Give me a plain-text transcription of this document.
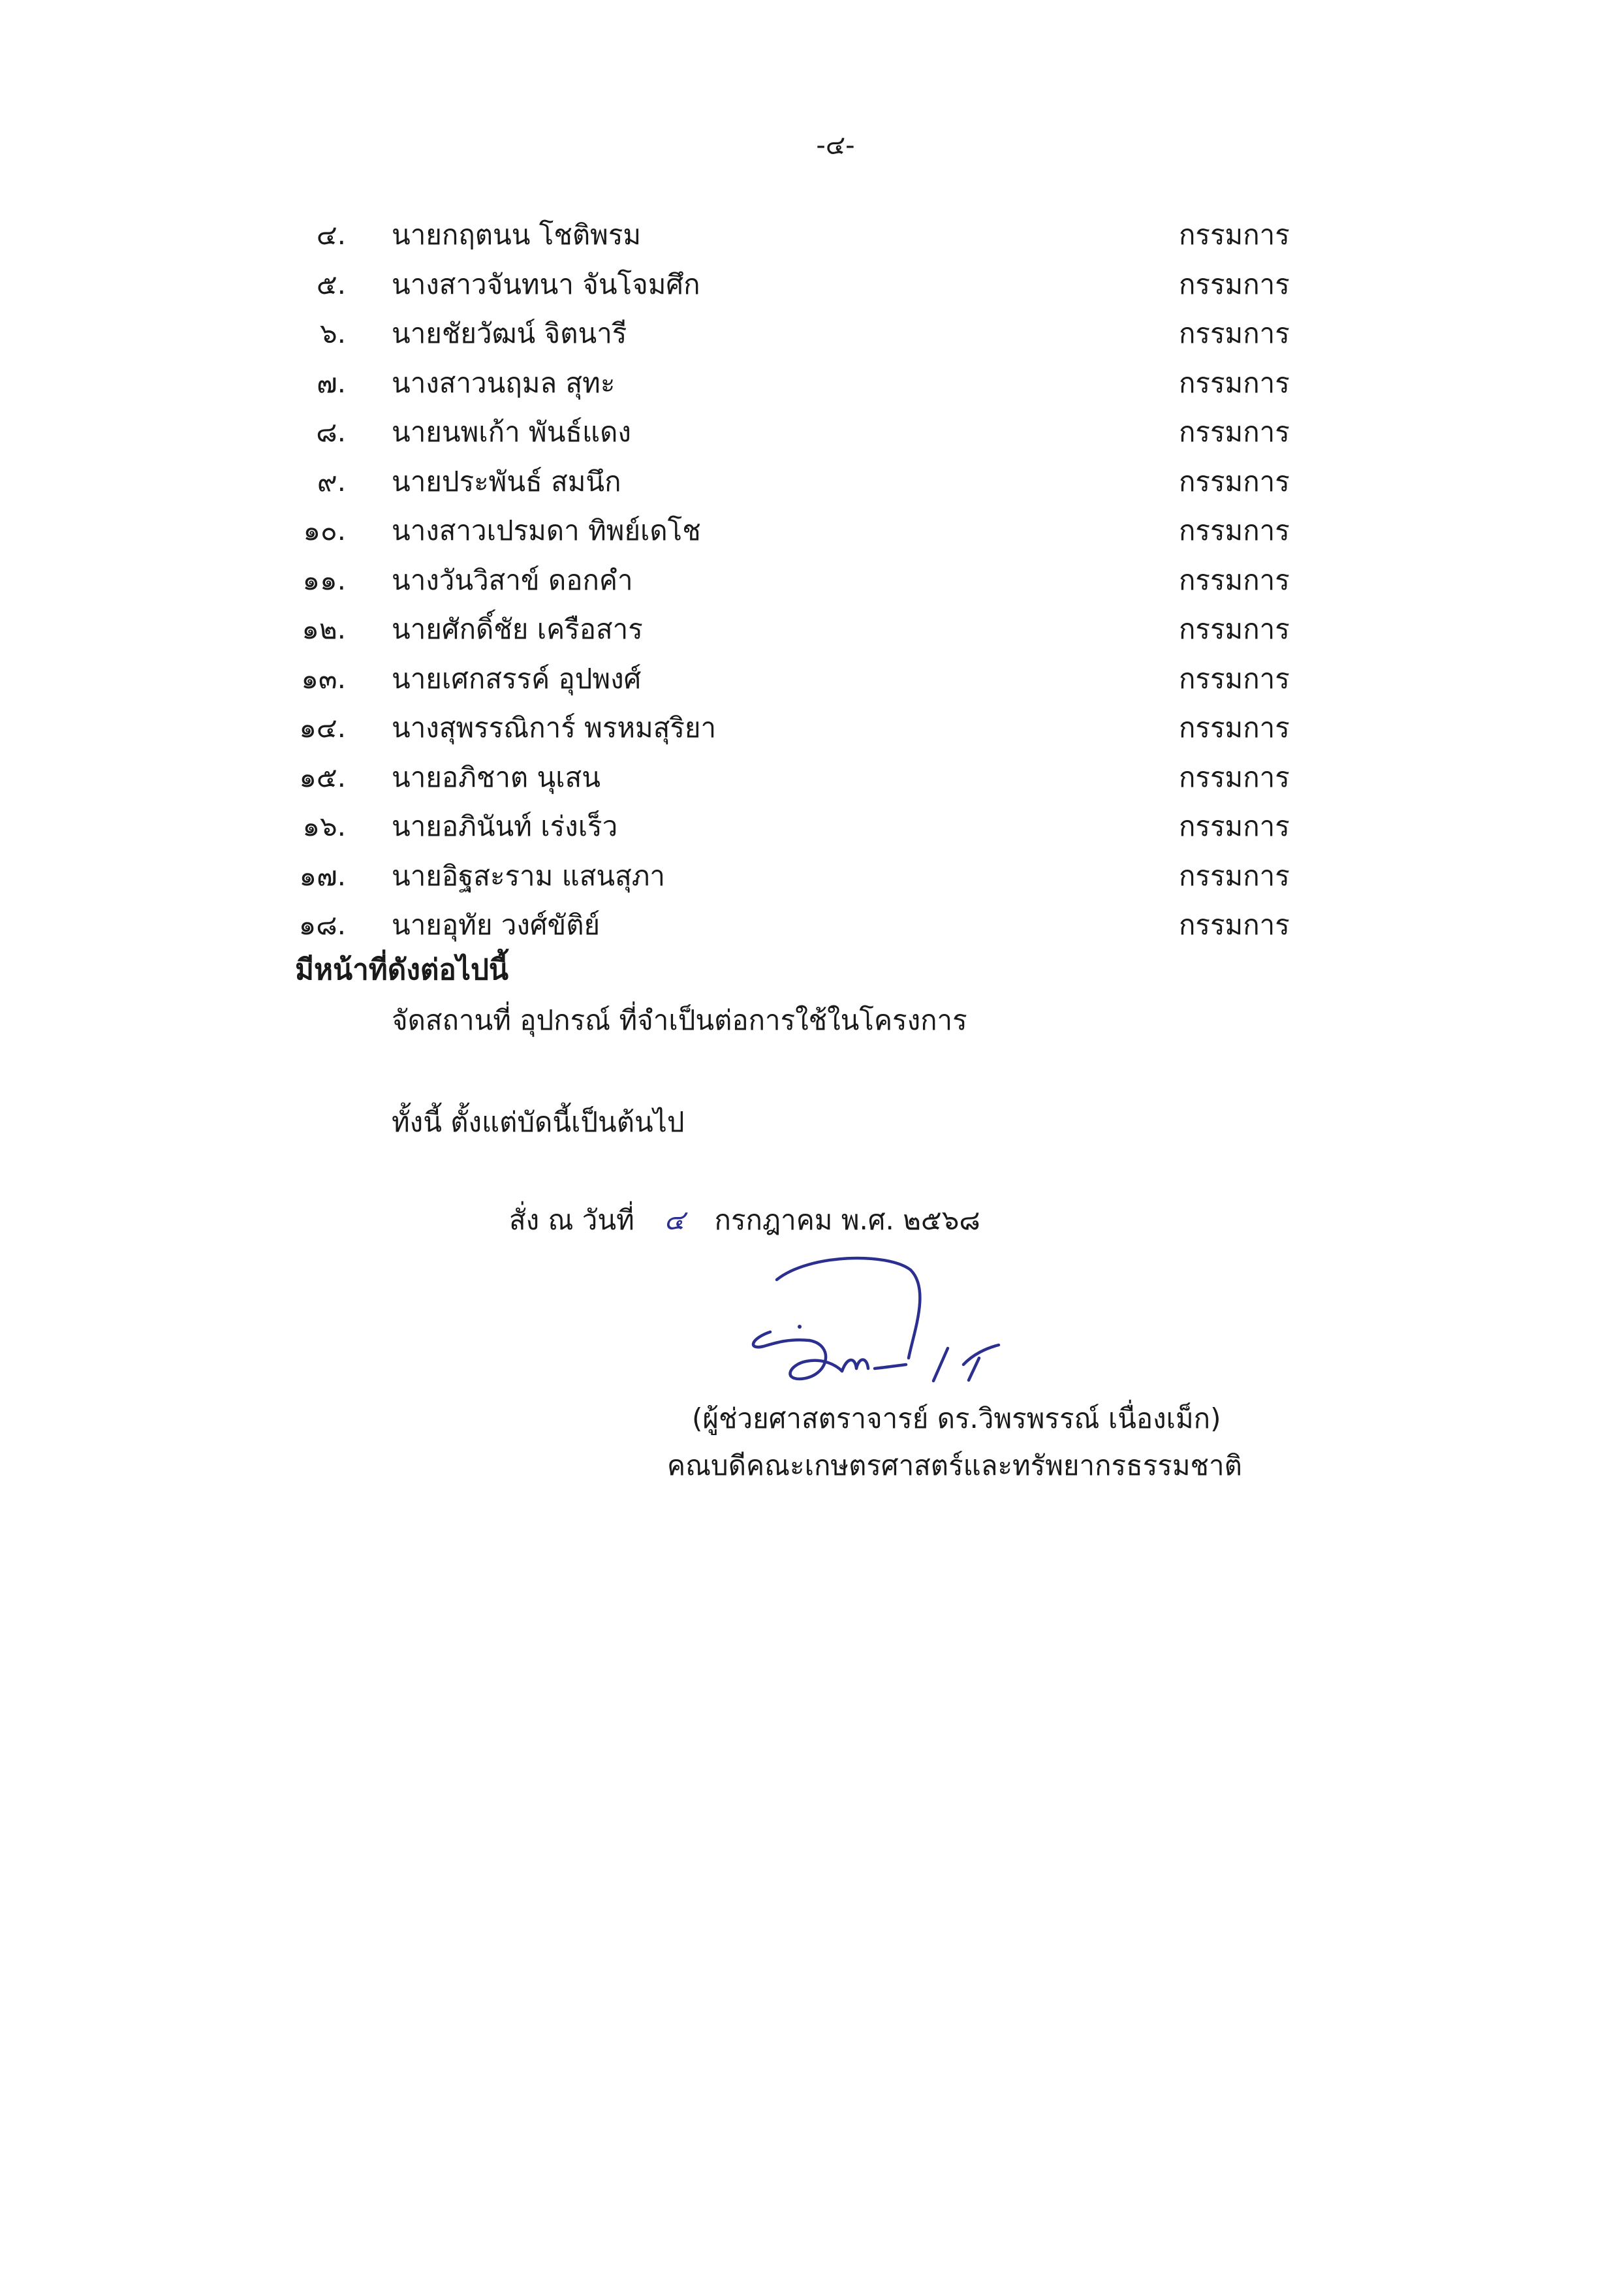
-๔-
๔. นายกฤตนน โชติพรม	กรรมการ
๕. นางสาวจันทนา จันโจมศึก	กรรมการ
๖. นายชัยวัฒน์ จิตนารี	กรรมการ
๗. นางสาวนฤมล สุทะ	กรรมการ
๘. นายนพเก้า พันธ์แดง	กรรมการ
๙. นายประพันธ์ สมนึก	กรรมการ
๑๐. นางสาวเปรมดา ทิพย์เดโช	กรรมการ
๑๑. นางวันวิสาข์ ดอกคำ	กรรมการ
๑๒. นายศักดิ์ชัย เครือสาร	กรรมการ
๑๓. นายเศกสรรค์ อุปพงศ์	กรรมการ
๑๔. นางสุพรรณิการ์ พรหมสุริยา	กรรมการ
๑๕. นายอภิชาต นุเสน	กรรมการ
๑๖. นายอภินันท์ เร่งเร็ว	กรรมการ
๑๗. นายอิฐสะราม แสนสุภา	กรรมการ
๑๘. นายอุทัย วงศ์ขัติย์	กรรมการ
มีหน้าที่ดังต่อไปนี้
จัดสถานที่ อุปกรณ์ ที่จำเป็นต่อการใช้ในโครงการ
ทั้งนี้ ตั้งแต่บัดนี้เป็นต้นไป
สั่ง ณ วันที่ ๔ กรกฎาคม พ.ศ. ๒๕๖๘
(ผู้ช่วยศาสตราจารย์ ดร.วิพรพรรณ์ เนื่องเม็ก)
คณบดีคณะเกษตรศาสตร์และทรัพยากรธรรมชาติ
